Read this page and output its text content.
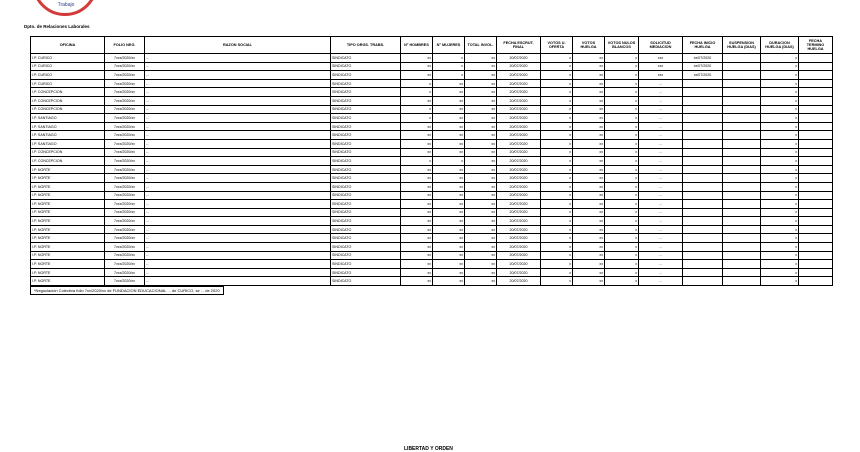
Trabajo
Dpto. de Relaciones Laborales
OFICINA	FOLIO NEG.	RAZON SOCIAL	TIPO ORGS. TRABS.	N° HOMBRES	N° MUJERES	TOTAL INVOL.	FECHA ESCRUT. FINAL	VOTOS U. OFERTA	VOTOS HUELGA	VOTOS NULOS BLANCOS	SOLICITUD MEDIACION	FECHA INICIO HUELGA	SUSPENSION HUELGA (DIAS)	DURACION HUELGA (DIAS)	FECHA TERMINO HUELGA
I.P. CURICO	7xxx/2020/xx	...	SINDICATO	xx	x	xx	20/07/2020	x	xx	x	xxx	xx/07/2020		x	
I.P. CURICO	7xxx/2020/xx	...	SINDICATO	xx	x	xx	20/07/2020	x	xx	x	xxx	xx/07/2020		x	
I.P. CURICO	7xxx/2020/xx	...	SINDICATO	xx	x	xx	20/07/2020	x	xx	x	xxx	xx/07/2020		x	
I.P. CURICO	7xxx/2020/xx	...	SINDICATO	x	xx	xx	20/07/2020	x	xx	x	...			x	
I.P. CONCEPCION	7xxx/2020/xx	...	SINDICATO	x	xx	xx	20/07/2020	x	xx	x	...			x	
I.P. CONCEPCION	7xxx/2020/xx	...	SINDICATO	xx	xx	xx	20/07/2020	x	xx	x	...			x	
I.P. CONCEPCION	7xxx/2020/xx	...	SINDICATO	x	xx	xx	20/07/2020	x	xx	x	...			x	
I.P. SANTIAGO	7xxx/2020/xx	...	SINDICATO	x	xx	xx	20/07/2020	x	xx	x	...			x	
I.P. SANTIAGO	7xxx/2020/xx	...	SINDICATO	xx	xx	xx	20/07/2020	x	xx	x	...			x	
I.P. SANTIAGO	7xxx/2020/xx	...	SINDICATO	xx	xx	xx	20/07/2020	x	xx	x	...			x	
I.P. SANTIAGO	7xxx/2020/xx	...	SINDICATO	xx	xx	xx	20/07/2020	x	xx	x	...			x	
I.P. CONCEPCION	7xxx/2020/xx	...	SINDICATO	xx	xx	xx	20/07/2020	x	xx	x	...			x	
I.P. CONCEPCION	7xxx/2020/xx	...	SINDICATO	x	x	xx	20/07/2020	x	xx	x	...			x	
I.P. NORTE	7xxx/2020/xx	...	SINDICATO	xx	xx	xx	20/07/2020	x	xx	x	...			x	
I.P. NORTE	7xxx/2020/xx	...	SINDICATO	xx	xx	xx	20/07/2020	x	xx	x	...			x	
I.P. NORTE	7xxx/2020/xx	...	SINDICATO	xx	xx	xx	20/07/2020	x	xx	x	...			x	
I.P. NORTE	7xxx/2020/xx	...	SINDICATO	xx	xx	xx	20/07/2020	x	xx	x	...			x	
I.P. NORTE	7xxx/2020/xx	...	SINDICATO	xx	xx	xx	20/07/2020	x	xx	x	...			x	
I.P. NORTE	7xxx/2020/xx	...	SINDICATO	xx	xx	xx	20/07/2020	x	xx	x	...			x	
I.P. NORTE	7xxx/2020/xx	...	SINDICATO	xx	xx	xx	20/07/2020	x	xx	x	...			x	
I.P. NORTE	7xxx/2020/xx	...	SINDICATO	xx	xx	xx	20/07/2020	x	xx	x	...			x	
I.P. NORTE	7xxx/2020/xx	...	SINDICATO	xx	xx	xx	20/07/2020	x	xx	x	...			x	
I.P. NORTE	7xxx/2020/xx	...	SINDICATO	xx	xx	xx	20/07/2020	x	xx	x	...			x	
I.P. NORTE	7xxx/2020/xx	...	SINDICATO	xx	xx	xx	20/07/2020	x	xx	x	...			x	
I.P. NORTE	7xxx/2020/xx	...	SINDICATO	xx	xx	xx	20/07/2020	x	xx	x	...			x	
I.P. NORTE	7xxx/2020/xx	...	SINDICATO	xx	xx	xx	20/07/2020	x	xx	x	...			x	
I.P. NORTE	7xxx/2020/xx	...	SINDICATO	xx	xx	xx	20/07/2020	x	xx	x	...			x	
*Negociación Colectiva folio 7xx/2020/xx de FUNDACION EDUCACIONAL ... de CURICO, se ... de 2020
LIBERTAD Y ORDEN
